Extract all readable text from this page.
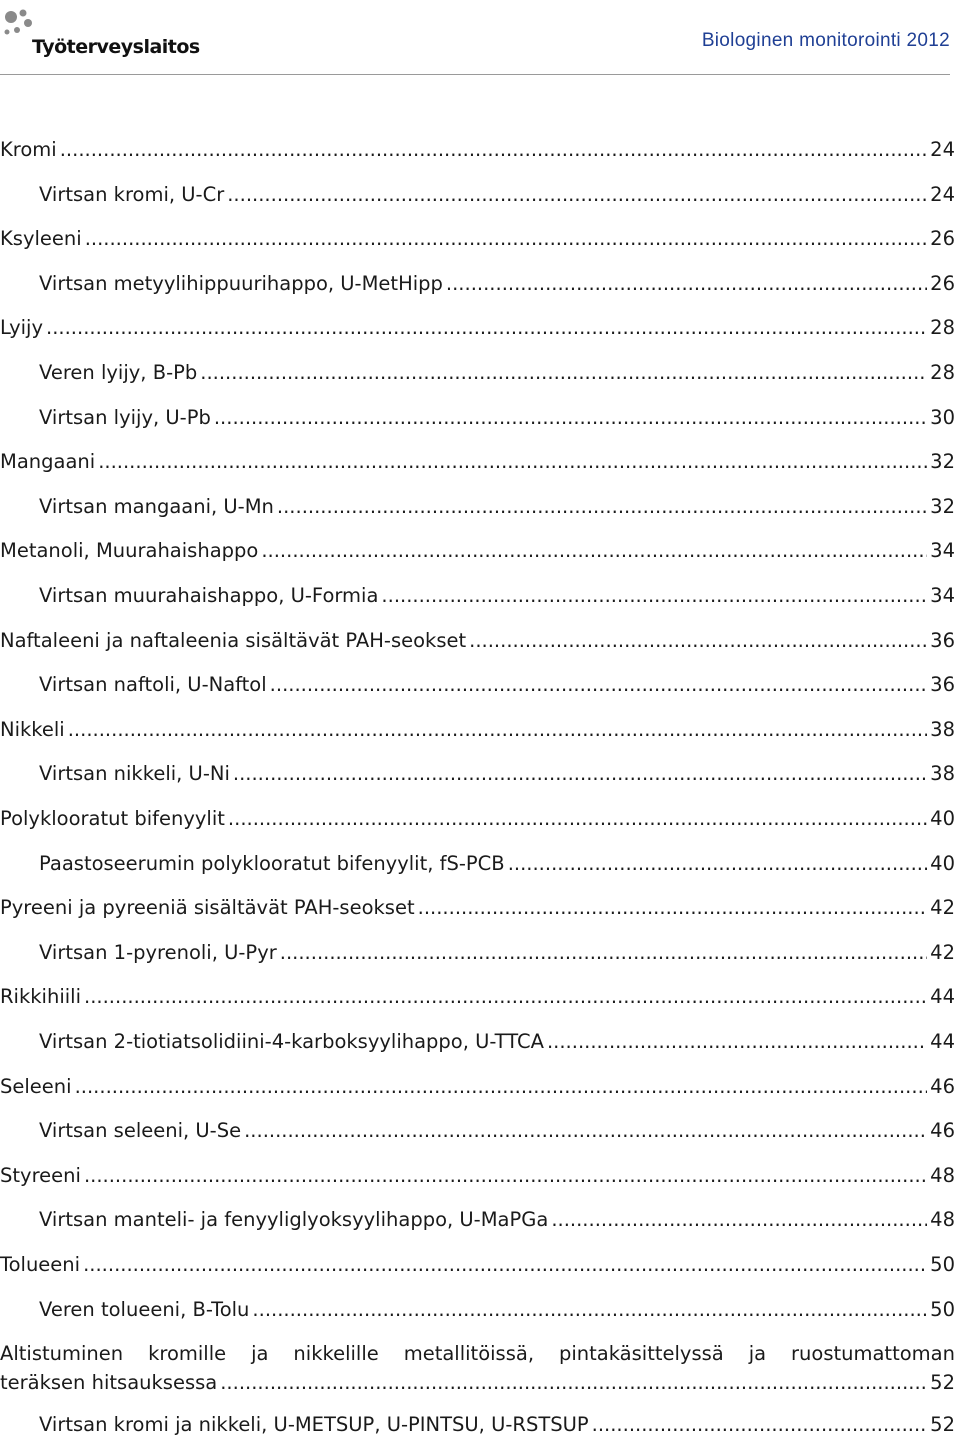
Työterveyslaitos	Biologinen monitorointi 2012
Kromi .....	24
Virtsan kromi, U-Cr .....	24
Ksyleeni .....	26
Virtsan metyylihippuurihappo, U-MetHipp .....	26
Lyijy .....	28
Veren lyijy, B-Pb .....	28
Virtsan lyijy, U-Pb .....	30
Mangaani .....	32
Virtsan mangaani, U-Mn .....	32
Metanoli, Muurahaishappo .....	34
Virtsan muurahaishappo, U-Formia .....	34
Naftaleeni ja naftaleenia sisältävät PAH-seokset .....	36
Virtsan naftoli, U-Naftol .....	36
Nikkeli .....	38
Virtsan nikkeli, U-Ni .....	38
Polyklooratut bifenyylit .....	40
Paastoseerumin polyklooratut bifenyylit, fS-PCB .....	40
Pyreeni ja pyreeniä sisältävät PAH-seokset .....	42
Virtsan 1-pyrenoli, U-Pyr .....	42
Rikkihiili .....	44
Virtsan 2-tiotiatsolidiini-4-karboksyylihappo, U-TTCA .....	44
Seleeni .....	46
Virtsan seleeni, U-Se .....	46
Styreeni .....	48
Virtsan manteli- ja fenyyliglyoksyylihappo, U-MaPGa .....	48
Tolueeni .....	50
Veren tolueeni, B-Tolu .....	50
Altistuminen kromille ja nikkelille metallitöissä, pintakäsittelyssä ja ruostumattoman
teräksen hitsauksessa .....	52
Virtsan kromi ja nikkeli, U-METSUP, U-PINTSU, U-RSTSUP .....	52
